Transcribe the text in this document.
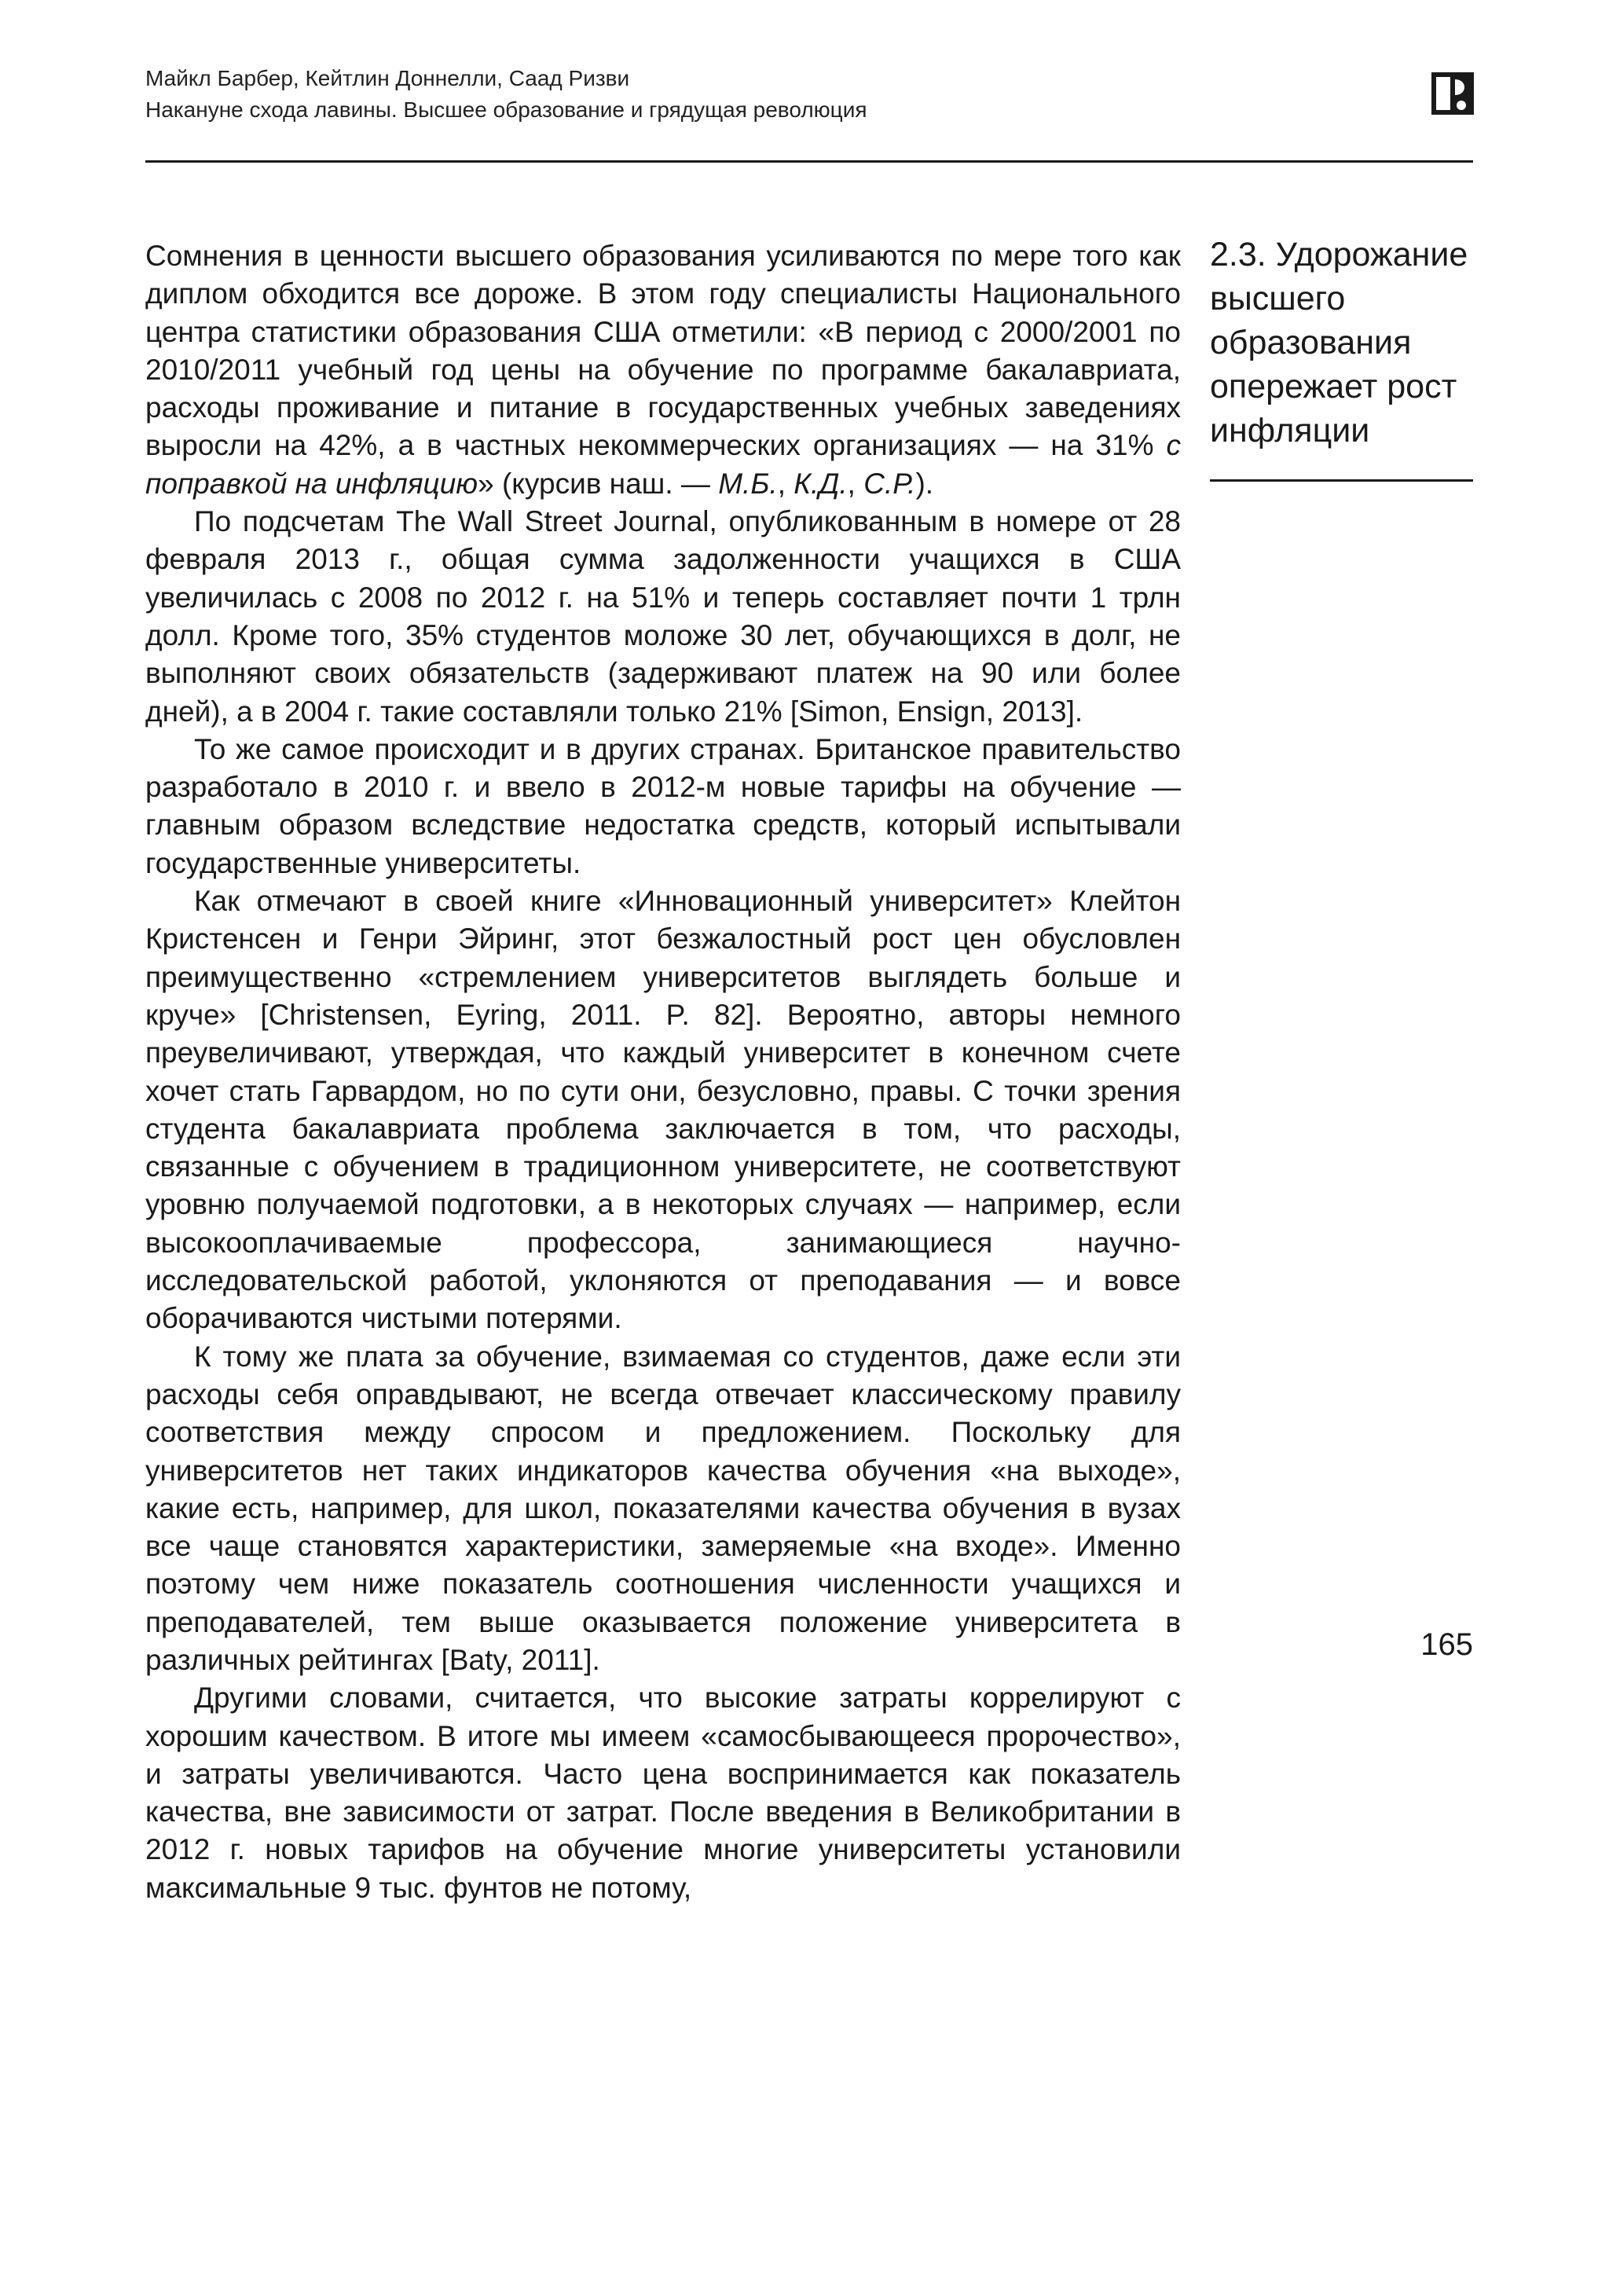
Майкл Барбер, Кейтлин Доннелли, Саад Ризви
Накануне схода лавины. Высшее образование и грядущая революция

Сомнения в ценности высшего образования усиливаются по мере того как диплом обходится все дороже. В этом году специалисты Национального центра статистики образования США отметили: «В период с 2000/2001 по 2010/2011 учебный год цены на обучение по программе бакалавриата, расходы проживание и питание в государственных учебных заведениях выросли на 42%, а в частных некоммерческих организациях — на 31% с поправкой на инфляцию» (курсив наш. — М.Б., К.Д., С.Р.).

По подсчетам The Wall Street Journal, опубликованным в номере от 28 февраля 2013 г., общая сумма задолженности учащихся в США увеличилась с 2008 по 2012 г. на 51% и теперь составляет почти 1 трлн долл. Кроме того, 35% студентов моложе 30 лет, обучающихся в долг, не выполняют своих обязательств (задерживают платеж на 90 или более дней), а в 2004 г. такие составляли только 21% [Simon, Ensign, 2013].

То же самое происходит и в других странах. Британское правительство разработало в 2010 г. и ввело в 2012-м новые тарифы на обучение — главным образом вследствие недостатка средств, который испытывали государственные университеты.

Как отмечают в своей книге «Инновационный университет» Клейтон Кристенсен и Генри Эйринг, этот безжалостный рост цен обусловлен преимущественно «стремлением университетов выглядеть больше и круче» [Christensen, Eyring, 2011. P. 82]. Вероятно, авторы немного преувеличивают, утверждая, что каждый университет в конечном счете хочет стать Гарвардом, но по сути они, безусловно, правы. С точки зрения студента бакалавриата проблема заключается в том, что расходы, связанные с обучением в традиционном университете, не соответствуют уровню получаемой подготовки, а в некоторых случаях — например, если высокооплачиваемые профессора, занимающиеся научно-исследовательской работой, уклоняются от преподавания — и вовсе оборачиваются чистыми потерями.

К тому же плата за обучение, взимаемая со студентов, даже если эти расходы себя оправдывают, не всегда отвечает классическому правилу соответствия между спросом и предложением. Поскольку для университетов нет таких индикаторов качества обучения «на выходе», какие есть, например, для школ, показателями качества обучения в вузах все чаще становятся характеристики, замеряемые «на входе». Именно поэтому чем ниже показатель соотношения численности учащихся и преподавателей, тем выше оказывается положение университета в различных рейтингах [Baty, 2011].

Другими словами, считается, что высокие затраты коррелируют с хорошим качеством. В итоге мы имеем «самосбывающееся пророчество», и затраты увеличиваются. Часто цена воспринимается как показатель качества, вне зависимости от затрат. После введения в Великобритании в 2012 г. новых тарифов на обучение многие университеты установили максимальные 9 тыс. фунтов не потому,

2.3. Удорожание высшего образования опережает рост инфляции
165
